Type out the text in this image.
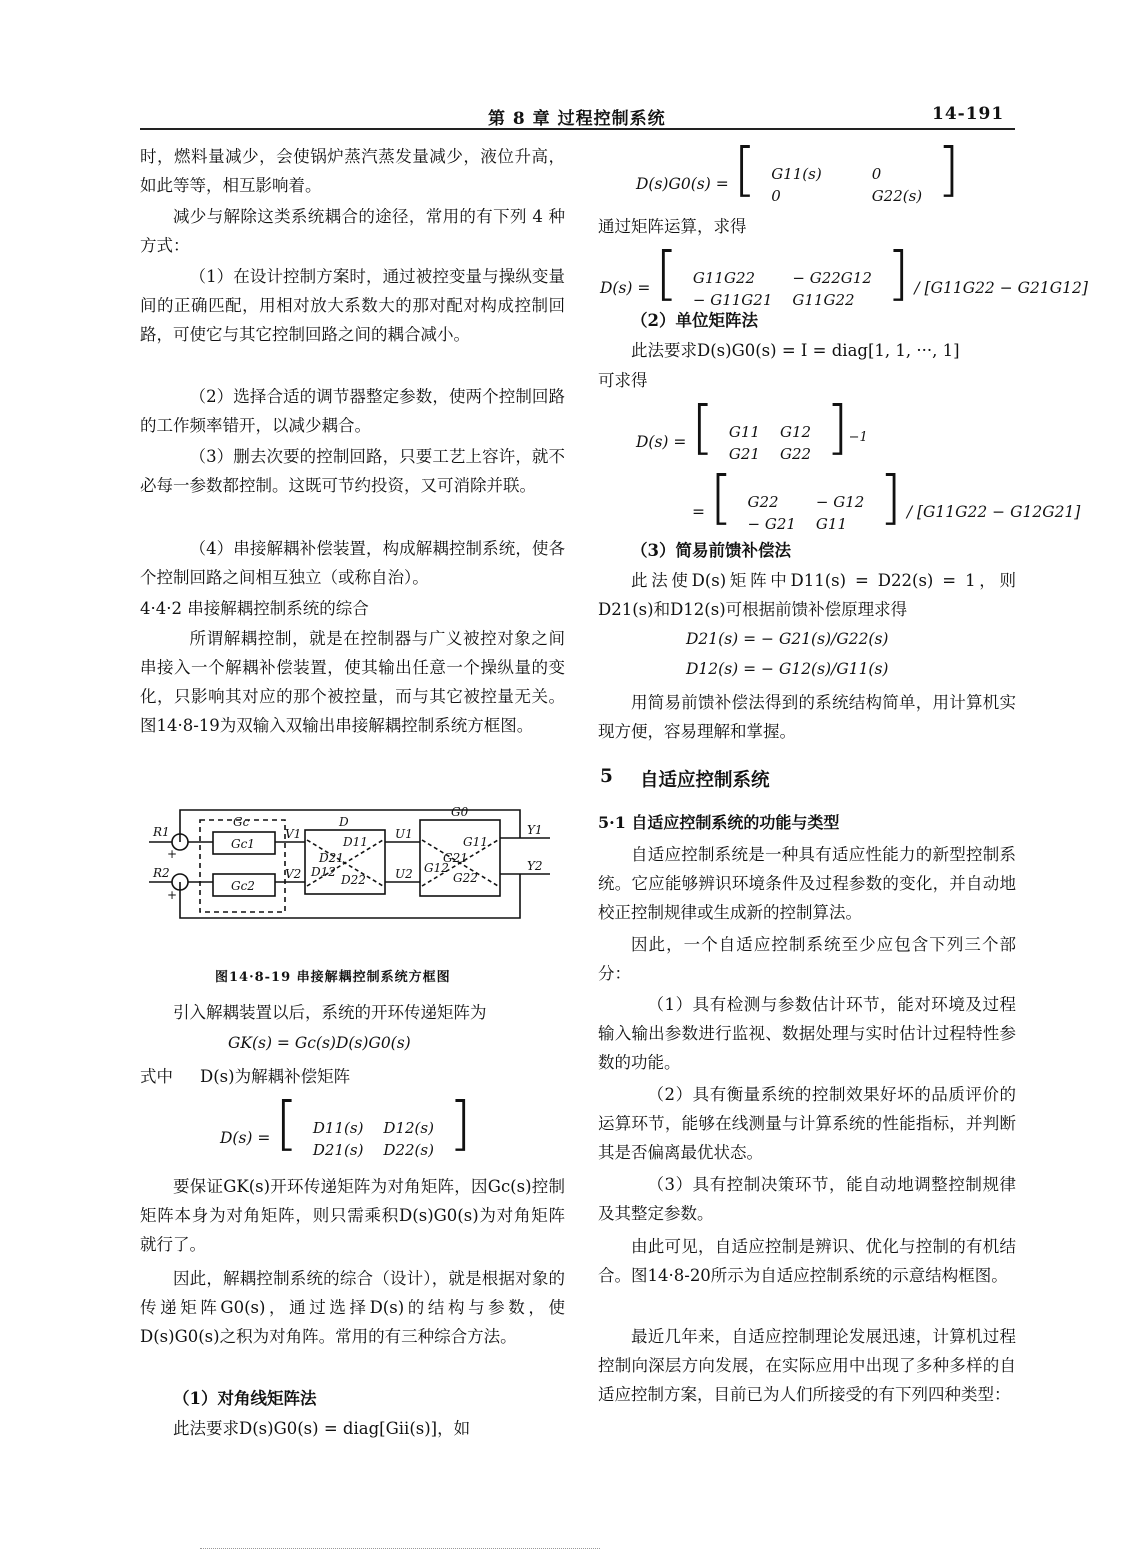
第 8 章 过程控制系统	14-191

时，燃料量减少，会使锅炉蒸汽蒸发量减少，液位升高，如此等等，相互影响着。

减少与解除这类系统耦合的途径，常用的有下列 4 种方式：

（1）在设计控制方案时，通过被控变量与操纵变量间的正确匹配，用相对放大系数大的那对配对构成控制回路，可使它与其它控制回路之间的耦合减小。

（2）选择合适的调节器整定参数，使两个控制回路的工作频率错开，以减少耦合。

（3）删去次要的控制回路，只要工艺上容许，就不必每一参数都控制。这既可节约投资，又可消除并联。

（4）串接解耦补偿装置，构成解耦控制系统，使各个控制回路之间相互独立（或称自治）。

4·4·2 串接解耦控制系统的综合

所谓解耦控制，就是在控制器与广义被控对象之间串接入一个解耦补偿装置，使其输出任意一个操纵量的变化，只影响其对应的那个被控量，而与其它被控量无关。图14·8-19为双输入双输出串接解耦控制系统方框图。

R1
R2
+
+
Gc
Gc1
Gc2
V1
V2
D
D11
D21
D12
D22
U1
U2
G0
G11
G21
G12
G22
Y1
Y2
图14·8-19 串接解耦控制系统方框图

引入解耦装置以后，系统的开环传递矩阵为

GK(s) = Gc(s)D(s)G0(s)
式中	D(s)为解耦补偿矩阵
D(s) = [ D11(s)	D12(s)
D21(s)	D22(s) ]

要保证GK(s)开环传递矩阵为对角矩阵，因Gc(s)控制矩阵本身为对角矩阵，则只需乘积D(s)G0(s)为对角矩阵就行了。

因此，解耦控制系统的综合（设计），就是根据对象的传递矩阵G0(s)，通过选择D(s)的结构与参数，使D(s)G0(s)之积为对角阵。常用的有三种综合方法。

（1）对角线矩阵法
此法要求D(s)G0(s) = diag[Gii(s)]，如
D(s)G0(s) = [ G11(s)	0
0	G22(s) ]
通过矩阵运算，求得
D(s) = [ G11G22	− G22G12
− G11G21	G11G22 ] / [G11G22 − G21G12]
（2）单位矩阵法
此法要求D(s)G0(s) = I = diag[1, 1, ···, 1]
可求得
D(s) = [ G11	G12
G21	G22 ]$^{-1}$
= [ G22	− G12
− G21	G11 ] / [G11G22 − G12G21]
（3）简易前馈补偿法

此法使D(s)矩阵中D11(s) = D22(s) = 1，则D21(s)和D12(s)可根据前馈补偿原理求得

D21(s) = − G21(s)/G22(s)
D12(s) = − G12(s)/G11(s)

用简易前馈补偿法得到的系统结构简单，用计算机实现方便，容易理解和掌握。

5 自适应控制系统
5·1 自适应控制系统的功能与类型

自适应控制系统是一种具有适应性能力的新型控制系统。它应能够辨识环境条件及过程参数的变化，并自动地校正控制规律或生成新的控制算法。

因此，一个自适应控制系统至少应包含下列三个部分：

（1）具有检测与参数估计环节，能对环境及过程输入输出参数进行监视、数据处理与实时估计过程特性参数的功能。

（2）具有衡量系统的控制效果好坏的品质评价的运算环节，能够在线测量与计算系统的性能指标，并判断其是否偏离最优状态。

（3）具有控制决策环节，能自动地调整控制规律及其整定参数。

由此可见，自适应控制是辨识、优化与控制的有机结合。图14·8-20所示为自适应控制系统的示意结构框图。

最近几年来，自适应控制理论发展迅速，计算机过程控制向深层方向发展，在实际应用中出现了多种多样的自适应控制方案，目前已为人们所接受的有下列四种类型：
